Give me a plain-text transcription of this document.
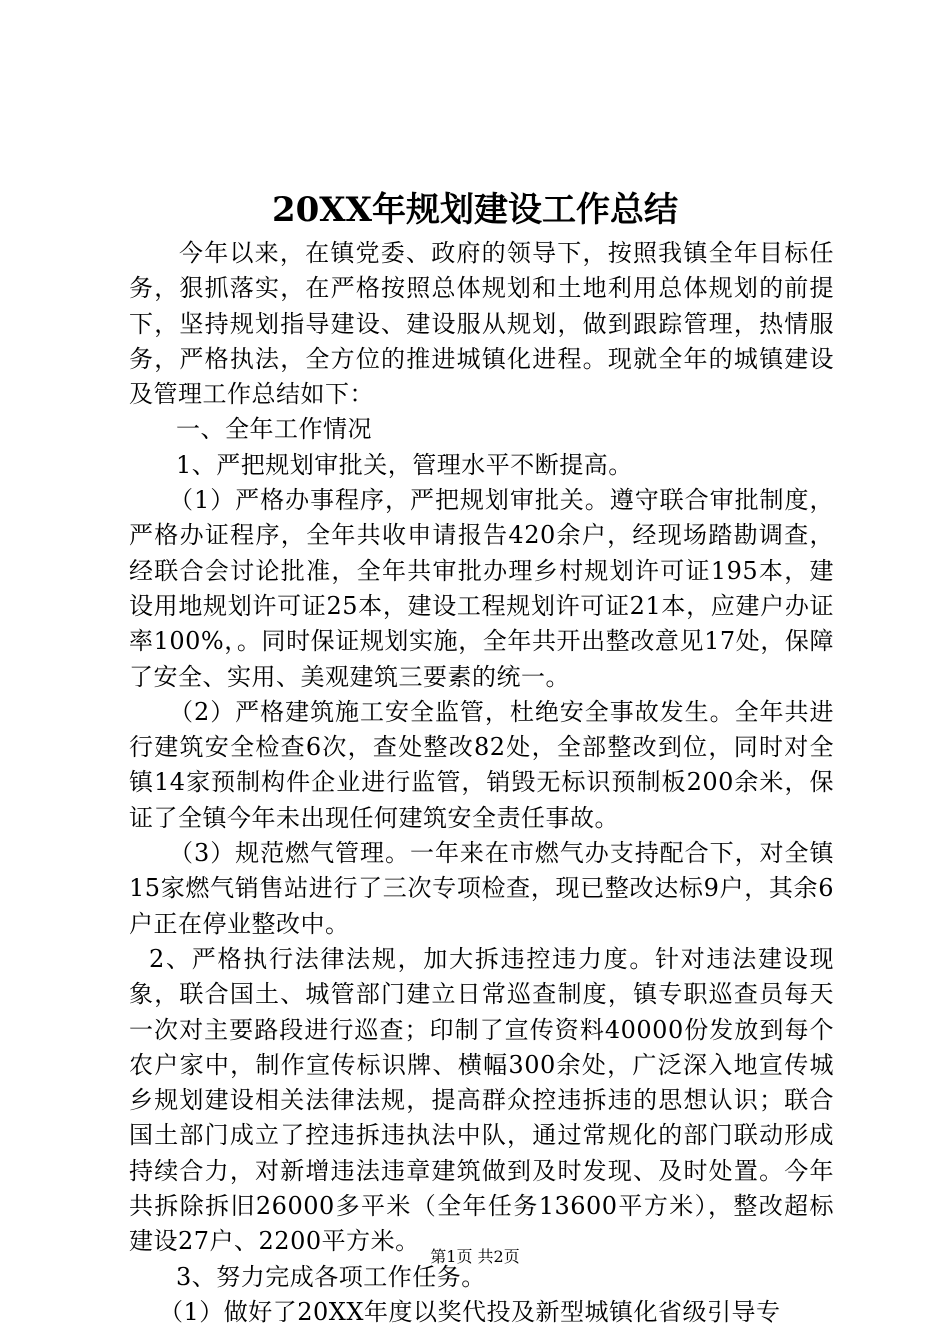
20XX年规划建设工作总结

今年以来，在镇党委、政府的领导下，按照我镇全年目标任务，狠抓落实，在严格按照总体规划和土地利用总体规划的前提下，坚持规划指导建设、建设服从规划，做到跟踪管理，热情服务，严格执法，全方位的推进城镇化进程。现就全年的城镇建设及管理工作总结如下：

一、全年工作情况

1、严把规划审批关，管理水平不断提高。

（1）严格办事程序，严把规划审批关。遵守联合审批制度，严格办证程序，全年共收申请报告420余户，经现场踏勘调查，经联合会讨论批准，全年共审批办理乡村规划许可证195本，建设用地规划许可证25本，建设工程规划许可证21本，应建户办证率100%，。同时保证规划实施，全年共开出整改意见17处，保障了安全、实用、美观建筑三要素的统一。

（2）严格建筑施工安全监管，杜绝安全事故发生。全年共进行建筑安全检查6次，查处整改82处，全部整改到位，同时对全镇14家预制构件企业进行监管，销毁无标识预制板200余米，保证了全镇今年未出现任何建筑安全责任事故。

（3）规范燃气管理。一年来在市燃气办支持配合下，对全镇15家燃气销售站进行了三次专项检查，现已整改达标9户，其余6户正在停业整改中。

2、严格执行法律法规，加大拆违控违力度。针对违法建设现象，联合国土、城管部门建立日常巡查制度，镇专职巡查员每天一次对主要路段进行巡查；印制了宣传资料40000份发放到每个农户家中，制作宣传标识牌、横幅300余处，广泛深入地宣传城乡规划建设相关法律法规，提高群众控违拆违的思想认识；联合国土部门成立了控违拆违执法中队，通过常规化的部门联动形成持续合力，对新增违法违章建筑做到及时发现、及时处置。今年共拆除拆旧26000多平米（全年任务13600平方米），整改超标建设27户、2200平方米。

3、努力完成各项工作任务。

（1）做好了20XX年度以奖代投及新型城镇化省级引导专

第1页 共2页
